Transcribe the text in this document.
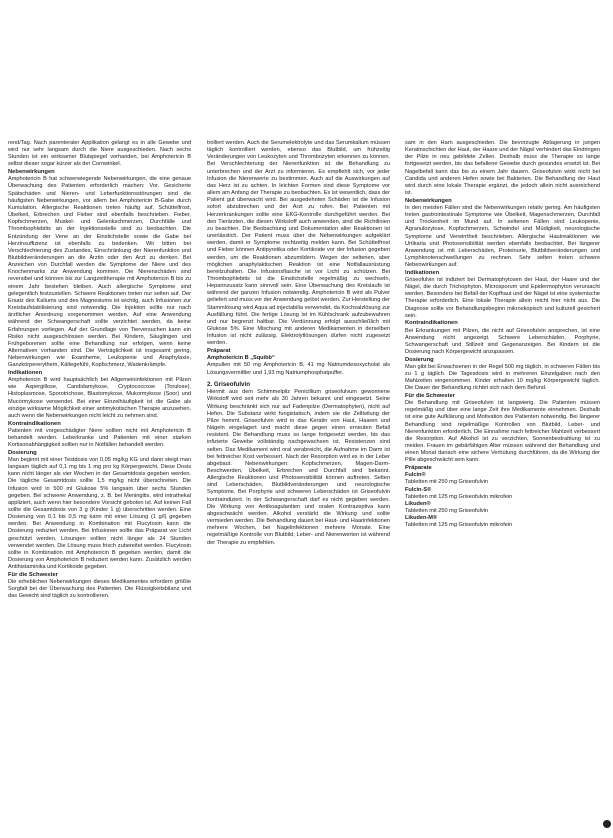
rend/Tag. Nach parenteraler Applikation gelangt es in alle Gewebe und wird nur sehr langsam durch die Niere ausgeschieden. Nach sechs Stunden ist ein wirksamer Blutspiegel vorhanden, bei Amphotericin B selbst dieser sogar kürzer als der Cornwinkel.

Nebenwirkungen

Amphotericin B hat schwerwiegende Nebenwirkungen, die eine genaue Überwachung des Patienten erforderlich machen: Vor. Gesicherte Spätschäden und Nieren- und Leberfunktionsstörungen sind die häufigsten Nebenwirkungen, vor allem bei Amphotericin B-Gabe durch Kumulation. Allergische Reaktionen treten häufig auf, Schüttelfrost, Übelkeit, Erbrechen und Fieber sind ebenfalls beschrieben. Fieber, Kopfschmerzen, Muskel- und Gelenkschmerzen, Durchfälle und Thrombophlebitis an der Injektionsstelle sind zu beobachten. Die Entzündung der Vene an der Einstichstelle sowie die Gabe bei Herzinsuffizienz ist ebenfalls zu bedenken. Wir bitten bei Verschlechterung des Zustandes, Einschränkung der Nierenfunktion und Blutbildveränderungen an die Ärztin oder den Arzt zu denken. Bei Anzeichen von Durchfall werden die Symptome der Niere und des Knochenmarks zur Anwendung kommen. Die Nierenschäden sind reversibel und können bis zur Langzeittherapie mit Amphotericin B bis zu einem Jahr bestehen bleiben. Auch allergische Symptome sind gelegentlich festzustellen. Schwere Reaktionen treten nur selten auf. Der Ersatz des Kaliums und des Magnesiums ist wichtig, auch Infusionen zur Kreislaufstabilisierung sind notwendig. Die Injektion sollte nur nach ärztlicher Anordnung vorgenommen werden. Auf eine Anwendung während der Schwangerschaft sollte verzichtet werden, da keine Erfahrungen vorliegen. Auf der Grundlage von Tierversuchen kann ein Risiko nicht ausgeschlossen werden. Bei Kindern, Säuglingen und Frühgeborenen sollte eine Behandlung nur erfolgen, wenn keine Alternativen vorhanden sind. Die Verträglichkeit ist insgesamt gering, Nebenwirkungen wie Exantheme, Leukopenie und Anaphylaxie, Ganzkörpererythem, Kältegefühl, Kopfschmerz, Wadenkrämpfe.

Indikationen

Amphotericin B wird hauptsächlich bei Allgemeininfektionen mit Pilzen wie Aspergillose, Candidamykose, Cryptococcose (Torulose), Histoplasmose, Sporotrichose, Blastomykose, Mukormykose (Soor) und Mucormykose verwendet. Bei einer Einzelhäufigkeit ist die Gabe als einzige wirksame Möglichkeit einer antimykotischen Therapie anzusehen, auch wenn die Nebenwirkungen nicht leicht zu nehmen sind.

Kontraindikationen

Patienten mit vorgeschädigter Niere sollten nicht mit Amphotericin B behandelt werden. Leberkranke und Patienten mit einer starken Kortisonabhängigkeit sollten nur in Notfällen behandelt werden.

Dosierung

Man beginnt mit einer Testdosis von 0,05 mg/kg KG und dann steigt man langsam täglich auf 0,1 mg bis 1 mg pro kg Körpergewicht. Diese Dosis kann nicht länger als vier Wochen in der Gesamtdosis gegeben werden. Die tägliche Gesamtdosis sollte 1,5 mg/kg nicht überschreiten. Die Infusion wird in 500 ml Glukose 5% langsam über sechs Stunden gegeben. Bei schwerer Anwendung, z. B. bei Meningitis, wird intrathekal appliziert, auch wenn hier besondere Vorsicht geboten ist. Auf keinen Fall sollte die Gesamtdosis von 3 g (Kinder 1 g) überschritten werden. Eine Dosierung von 0,1 bis 0,5 mg kann mit einer Lösung (1 g/l) gegeben werden. Bei Anwendung in Kombination mit Flucytosin kann die Dosierung reduziert werden. Bei Infusionen sollte das Präparat vor Licht geschützt werden. Lösungen sollten nicht länger als 24 Stunden verwendet werden. Die Lösung muss frisch zubereitet werden. Flucytosin sollte in Kombination mit Amphotericin B gegeben werden, damit die Dosierung von Amphotericin B reduziert werden kann. Zusätzlich werden Antihistaminika und Kortikoide gegeben.

Für die Schwester

Die erheblichen Nebenwirkungen dieses Medikamentes erfordern größte Sorgfalt bei der Überwachung des Patienten. Die Flüssigkeitsbilanz und das Gewicht sind täglich zu kontrollieren.

trolliert werden. Auch die Serumelektrolyte und das Serumkalium müssen täglich kontrolliert werden, ebenso das Blutbild, um frühzeitig Veränderungen von Leukozyten und Thrombozyten erkennen zu können. Bei Verschlechterung der Nierenfunktion ist die Behandlung zu unterbrechen und der Arzt zu informieren. Es empfiehlt sich, vor jeder Infusion die Nierenwerte zu bestimmen. Auch auf die Auswirkungen auf das Herz ist zu achten. In leichten Formen sind diese Symptome vor allem am Anfang der Therapie zu beobachten. Es ist wesentlich, dass der Patient gut überwacht wird. Bei ausgedehnten Schäden ist die Infusion sofort abzubrechen und der Arzt zu rufen. Bei Patienten mit Herzerkrankungen sollte eine EKG-Kontrolle durchgeführt werden. Bei den Tierärzten, die diesen Wirkstoff auch anwenden, sind die Richtlinien zu beachten. Die Beobachtung und Dokumentation aller Reaktionen ist unerlässlich. Der Patient muss über die Nebenwirkungen aufgeklärt werden, damit er Symptome rechtzeitig melden kann. Bei Schüttelfrost und Fieber können Antipyretika oder Kortikoide vor der Infusion gegeben werden, um die Reaktionen abzumildern. Wegen der seltenen, aber möglichen anaphylaktischen Reaktion ist eine Notfallausrüstung bereitzuhalten. Die Infusionsflasche ist vor Licht zu schützen. Bei Thrombophlebitis ist die Einstichstelle regelmäßig zu wechseln, Heparinzusatz kann sinnvoll sein. Eine Überwachung des Kreislaufs ist während der ganzen Infusion notwendig. Amphotericin B wird als Pulver geliefert und muss vor der Anwendung gelöst werden. Zur Herstellung der Stammlösung wird Aqua ad injectabilia verwendet, da Kochsalzlösung zur Ausfällung führt. Die fertige Lösung ist im Kühlschrank aufzubewahren und nur begrenzt haltbar. Die Verdünnung erfolgt ausschließlich mit Glukose 5%. Eine Mischung mit anderen Medikamenten in derselben Infusion ist nicht zulässig. Elektrolytlösungen dürfen nicht zugesetzt werden.

Präparat
Amphotericin B „Squibb“
Ampullen mit 50 mg Amphotericin B, 41 mg Natriumdesoxycholat als Lösungsvermittler und 1,93 mg Natriumphosphatpuffer.
2. Griseofulvin

Hiermit aus dem Schimmelpilz Penicillium griseofulvum gewonnene Wirkstoff wird seit mehr als 30 Jahren bekannt und eingesetzt. Seine Wirkung beschränkt sich nur auf Fadenpilze (Dermatophyten), nicht auf Hefen. Die Substanz wirkt fungistatisch, indem sie die Zellteilung der Pilze hemmt. Griseofulvin wird in das Keratin von Haut, Haaren und Nägeln eingelagert und macht diese gegen einen erneuten Befall resistent. Die Behandlung muss so lange fortgesetzt werden, bis das infizierte Gewebe vollständig nachgewachsen ist. Resistenzen sind selten. Das Medikament wird oral verabreicht, die Aufnahme im Darm ist bei fettreicher Kost verbessert. Nach der Resorption wird es in der Leber abgebaut. Nebenwirkungen: Kopfschmerzen, Magen-Darm-Beschwerden, Übelkeit, Erbrechen und Durchfall sind bekannt. Allergische Reaktionen und Photosensibilität können auftreten. Selten sind Leberschäden, Blutbildveränderungen und neurologische Symptome. Bei Porphyrie und schweren Leberschäden ist Griseofulvin kontraindiziert. In der Schwangerschaft darf es nicht gegeben werden. Die Wirkung von Antikoagulantien und oralen Kontrazeptiva kann abgeschwächt werden. Alkohol verstärkt die Wirkung und sollte vermieden werden. Die Behandlung dauert bei Haut- und Haarinfektionen mehrere Wochen, bei Nagelinfektionen mehrere Monate. Eine regelmäßige Kontrolle von Blutbild, Leber- und Nierenwerten ist während der Therapie zu empfehlen.

sam in den Harn ausgeschieden. Die bevorzugte Ablagerung in jungen Keratinschichten der Haut, der Haare und der Nägel verhindert das Eindringen der Pilze in neu gebildete Zellen. Deshalb muss die Therapie so lange fortgesetzt werden, bis das befallene Gewebe durch gesundes ersetzt ist. Bei Nagelbefall kann das bis zu einem Jahr dauern. Griseofulvin wirkt nicht bei Candida und anderen Hefen sowie bei Bakterien. Die Behandlung der Haut wird durch eine lokale Therapie ergänzt, die jedoch allein nicht ausreichend ist.

Nebenwirkungen

In den meisten Fällen sind die Nebenwirkungen relativ gering. Am häufigsten treten gastrointestinale Symptome wie Übelkeit, Magenschmerzen, Durchfall und Trockenheit im Mund auf. In seltenen Fällen sind Leukopenie, Agranulozytose, Kopfschmerzen, Schwindel und Müdigkeit, neurologische Symptome und Verwirrtheit beschrieben. Allergische Hautreaktionen wie Urtikaria und Photosensibilität werden ebenfalls beobachtet. Bei längerer Anwendung ist mit Leberschäden, Proteinurie, Blutbildveränderungen und Lymphknotenschwellungen zu rechnen. Sehr selten treten schwere Nebenwirkungen auf.

Indikationen

Griseofulvin ist indiziert bei Dermatophytosen der Haut, der Haare und der Nägel, die durch Trichophyton, Microsporum und Epidermophyton verursacht werden. Besonders bei Befall der Kopfhaut und der Nägel ist eine systemische Therapie erforderlich. Eine lokale Therapie allein reicht hier nicht aus. Die Diagnose sollte vor Behandlungsbeginn mikroskopisch und kulturell gesichert sein.

Kontraindikationen

Bei Erkrankungen mit Pilzen, die nicht auf Griseofulvin ansprechen, ist eine Anwendung nicht angezeigt. Schwere Leberschäden, Porphyrie, Schwangerschaft und Stillzeit sind Gegenanzeigen. Bei Kindern ist die Dosierung nach Körpergewicht anzupassen.

Dosierung

Man gibt bei Erwachsenen in der Regel 500 mg täglich, in schweren Fällen bis zu 1 g täglich. Die Tagesdosis wird in mehreren Einzelgaben nach den Mahlzeiten eingenommen. Kinder erhalten 10 mg/kg Körpergewicht täglich. Die Dauer der Behandlung richtet sich nach dem Befund.

Für die Schwester

Die Behandlung mit Griseofulvin ist langwierig. Die Patienten müssen regelmäßig und über eine lange Zeit ihre Medikamente einnehmen. Deshalb ist eine gute Aufklärung und Motivation des Patienten notwendig. Bei längerer Behandlung sind regelmäßige Kontrollen von Blutbild, Leber- und Nierenfunktion erforderlich. Die Einnahme nach fettreicher Mahlzeit verbessert die Resorption. Auf Alkohol ist zu verzichten, Sonnenbestrahlung ist zu meiden. Frauen im gebärfähigen Alter müssen während der Behandlung und einen Monat danach eine sichere Verhütung durchführen, da die Wirkung der Pille abgeschwächt sein kann.

Präparate
Fulcin®
Tabletten mit 250 mg Griseofulvin
Fulcin-S®
Tabletten mit 125 mg Griseofulvin mikrofein
Likuden®
Tabletten mit 250 mg Griseofulvin
Likuden-M®
Tabletten mit 125 mg Griseofulvin mikrofein
